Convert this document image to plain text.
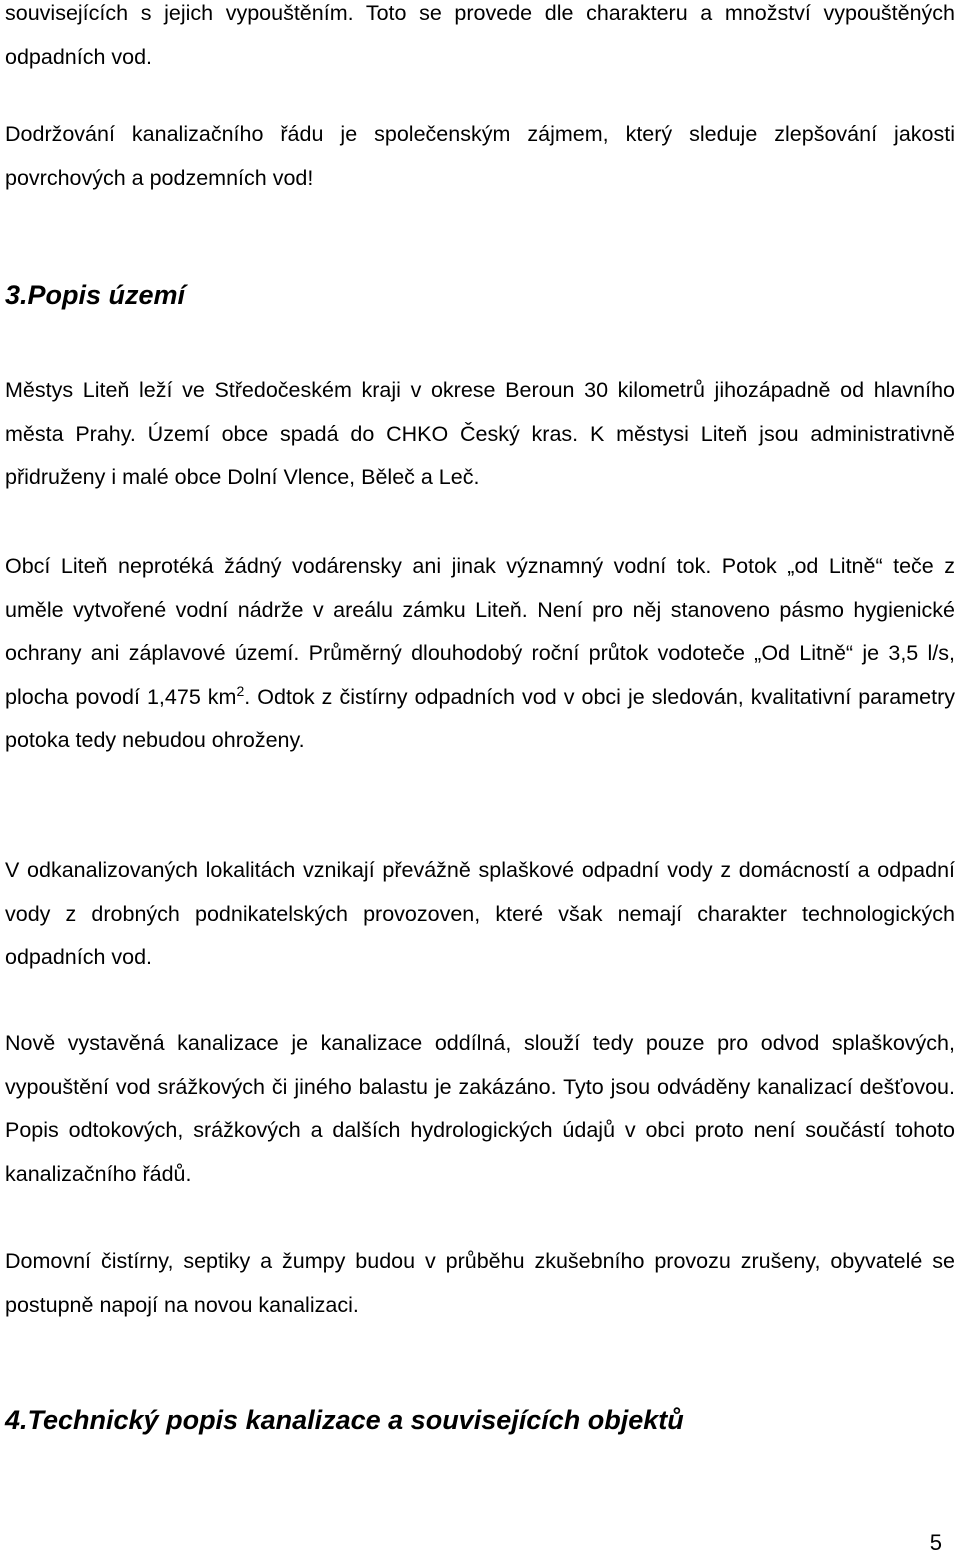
souvisejících s jejich vypouštěním. Toto se provede dle charakteru a množství vypouštěných odpadních vod.

Dodržování kanalizačního řádu je společenským zájmem, který sleduje zlepšování jakosti povrchových a podzemních vod!

3.Popis území

Městys Liteň leží ve Středočeském kraji v okrese Beroun 30 kilometrů jihozápadně od hlavního města Prahy. Území obce spadá do CHKO Český kras. K městysi Liteň jsou administrativně přidruženy i malé obce Dolní Vlence, Běleč a Leč.

Obcí Liteň neprotéká žádný vodárensky ani jinak významný vodní tok. Potok „od Litně“ teče z uměle vytvořené vodní nádrže v areálu zámku Liteň. Není pro něj stanoveno pásmo hygienické ochrany ani záplavové území. Průměrný dlouhodobý roční průtok vodoteče „Od Litně“ je 3,5 l/s, plocha povodí 1,475 $km^2$. Odtok z čistírny odpadních vod v obci je sledován, kvalitativní parametry potoka tedy nebudou ohroženy.

V odkanalizovaných lokalitách vznikají převážně splaškové odpadní vody z domácností a odpadní vody z drobných podnikatelských provozoven, které však nemají charakter technologických odpadních vod.

Nově vystavěná kanalizace je kanalizace oddílná, slouží tedy pouze pro odvod splaškových, vypouštění vod srážkových či jiného balastu je zakázáno. Tyto jsou odváděny kanalizací dešťovou. Popis odtokových, srážkových a dalších hydrologických údajů v obci proto není součástí tohoto kanalizačního řádů.

Domovní čistírny, septiky a žumpy budou v průběhu zkušebního provozu zrušeny, obyvatelé se postupně napojí na novou kanalizaci.

4.Technický popis kanalizace a souvisejících objektů
5
